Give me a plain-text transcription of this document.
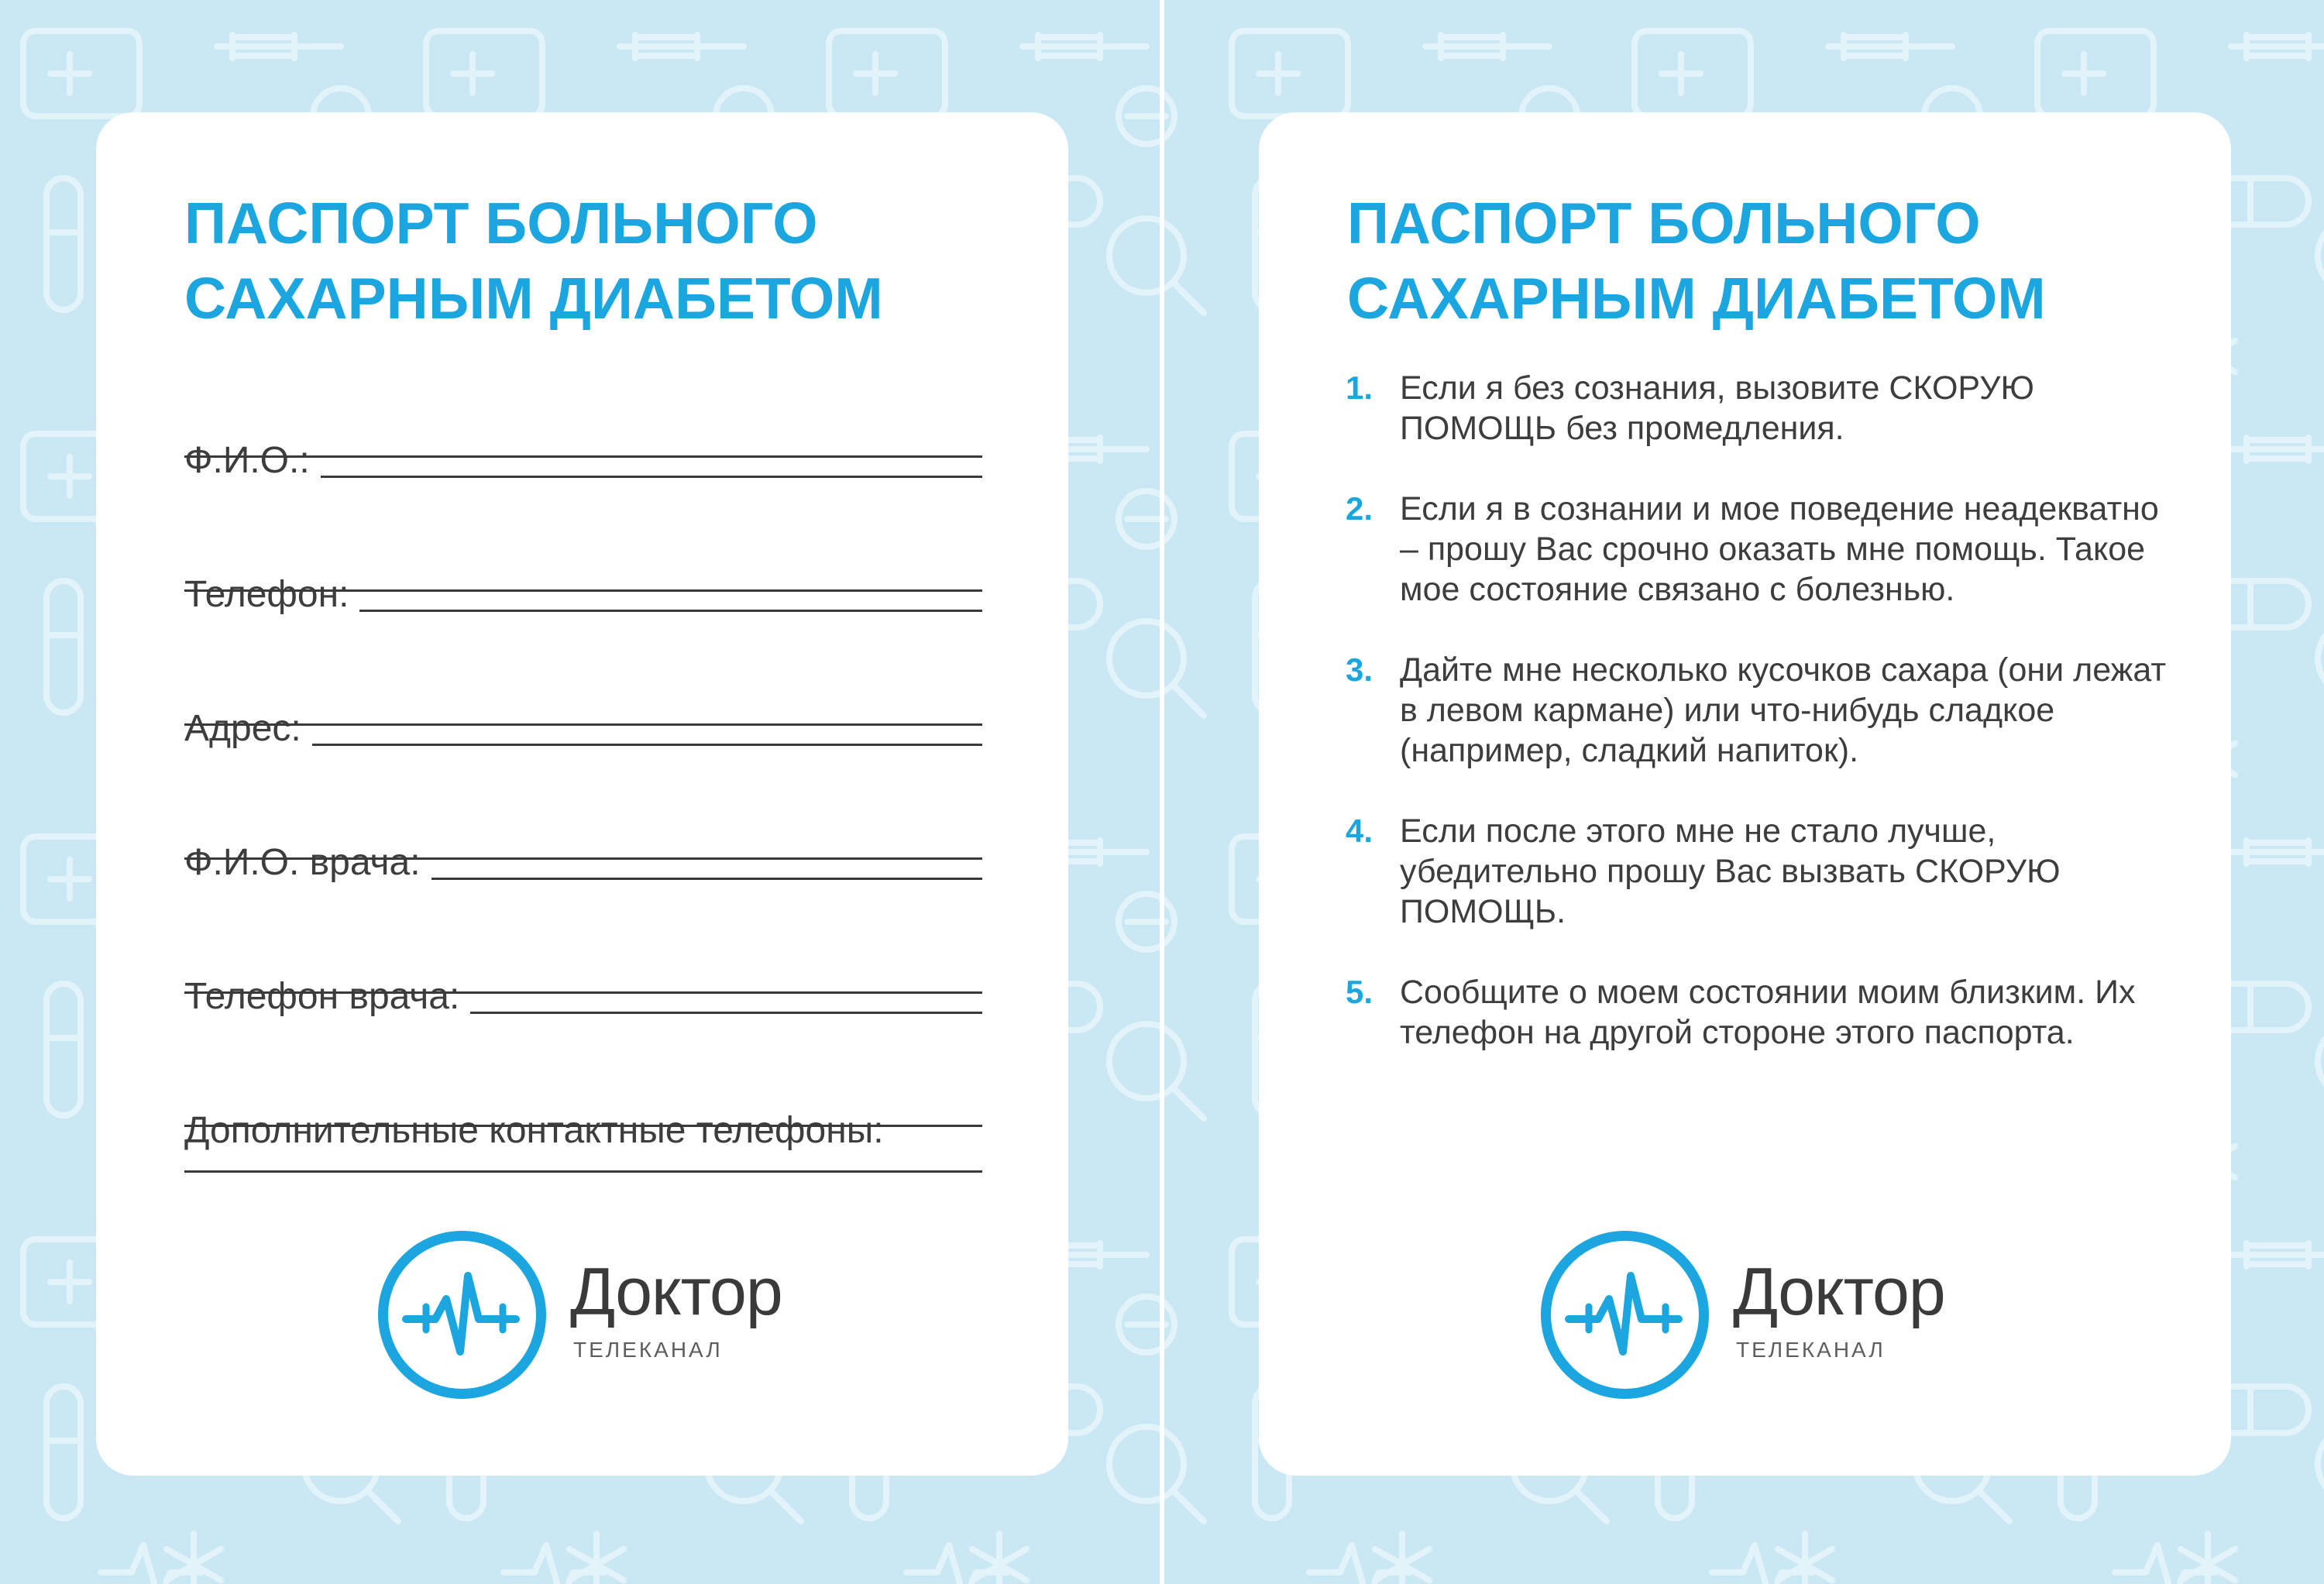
ПАСПОРТ БОЛЬНОГО
САХАРНЫМ ДИАБЕТОМ
Ф.И.О.:
Телефон:
Адрес:
Ф.И.О. врача:
Телефон врача:
Дополнительные контактные телефоны:
Доктор
ТЕЛЕКАНАЛ
ПАСПОРТ БОЛЬНОГО
САХАРНЫМ ДИАБЕТОМ
1. Если я без сознания, вызовите СКОРУЮ ПОМОЩЬ без промедления.
2. Если я в сознании и мое поведение неадекватно – прошу Вас срочно оказать мне помощь. Такое мое состояние связано с болезнью.
3. Дайте мне несколько кусочков сахара (они лежат в левом кармане) или что-нибудь сладкое (например, сладкий напиток).
4. Если после этого мне не стало лучше, убедительно прошу Вас вызвать СКОРУЮ ПОМОЩЬ.
5. Сообщите о моем состоянии моим близким. Их телефон на другой стороне этого паспорта.
Доктор
ТЕЛЕКАНАЛ
